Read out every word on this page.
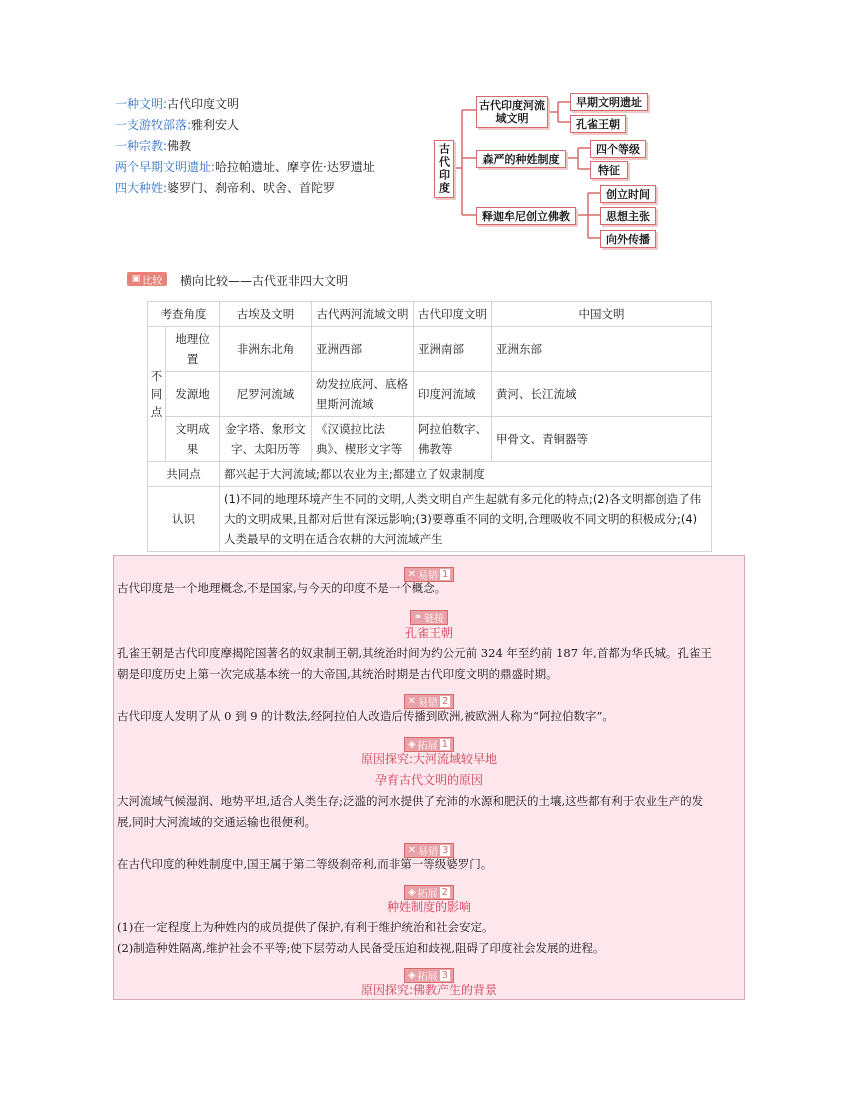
一种文明:古代印度文明
一支游牧部落:雅利安人
一种宗教:佛教
两个早期文明遗址:哈拉帕遗址、摩亨佐·达罗遗址
四大种姓:婆罗门、刹帝利、吠舍、首陀罗	古代印度
古代印度河流域文明
早期文明遗址
孔雀王朝
森严的种姓制度
四个等级
特征
释迦牟尼创立佛教
创立时间
思想主张
向外传播
▣ 比较 横向比较——古代亚非四大文明
考查角度		古埃及文明	古代两河流域文明	古代印度文明	中国文明
不同点	地理位置	非洲东北角	亚洲西部	亚洲南部	亚洲东部
	发源地	尼罗河流域	幼发拉底河、底格里斯河流域	印度河流域	黄河、长江流域
	文明成果	金字塔、象形文字、太阳历等	《汉谟拉比法典》、楔形文字等	阿拉伯数字、佛教等	甲骨文、青铜器等
共同点		都兴起于大河流域;都以农业为主;都建立了奴隶制度			
认识		(1)不同的地理环境产生不同的文明,人类文明自产生起就有多元化的特点;(2)各文明都创造了伟大的文明成果,且都对后世有深远影响;(3)要尊重不同的文明,合理吸收不同文明的积极成分;(4)人类最早的文明在适合农耕的大河流域产生			
✕ 易错 1
古代印度是一个地理概念,不是国家,与今天的印度不是一个概念。
⚭ 链接
孔雀王朝
孔雀王朝是古代印度摩揭陀国著名的奴隶制王朝,其统治时间为约公元前 324 年至约前 187 年,首都为华氏城。孔雀王
朝是印度历史上第一次完成基本统一的大帝国,其统治时期是古代印度文明的鼎盛时期。
✕ 易错 2
古代印度人发明了从 0 到 9 的计数法,经阿拉伯人改造后传播到欧洲,被欧洲人称为“阿拉伯数字”。
◈ 拓展 1
原因探究:大河流域较早地
孕育古代文明的原因
大河流域气候湿润、地势平坦,适合人类生存;泛滥的河水提供了充沛的水源和肥沃的土壤,这些都有利于农业生产的发
展,同时大河流域的交通运输也很便利。
✕ 易错 3
在古代印度的种姓制度中,国王属于第二等级刹帝利,而非第一等级婆罗门。
◈ 拓展 2
种姓制度的影响
(1)在一定程度上为种姓内的成员提供了保护,有利于维护统治和社会安定。
(2)制造种姓隔离,维护社会不平等;使下层劳动人民备受压迫和歧视,阻碍了印度社会发展的进程。
◈ 拓展 3
原因探究:佛教产生的背景
